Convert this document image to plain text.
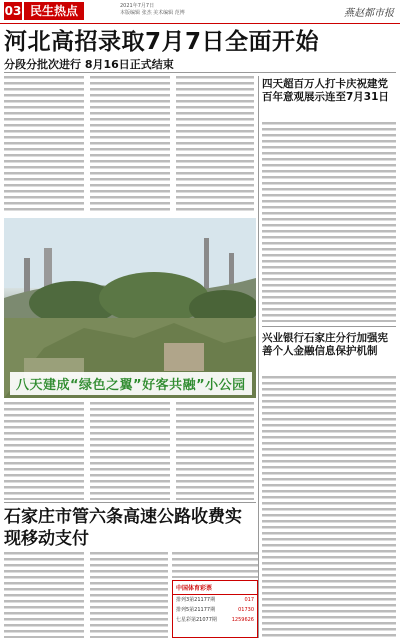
03 民生热点	2021年7月7日
本版编辑 张杰 美术编辑 范博	燕赵都市报
河北高招录取7月7日全面开始
分段分批次进行 8月16日正式结束
四天超百万人打卡庆祝建党百年意观展示连至7月31日
八天建成“绿色之翼”好客共融”小公园
石家庄市管六条高速公路收费实现移动支付
中国体育彩票
排列3第21177期	017
排列5第21177期	01730
七星彩第21077期	1259626
兴业银行石家庄分行加强宪善个人金融信息保护机制
